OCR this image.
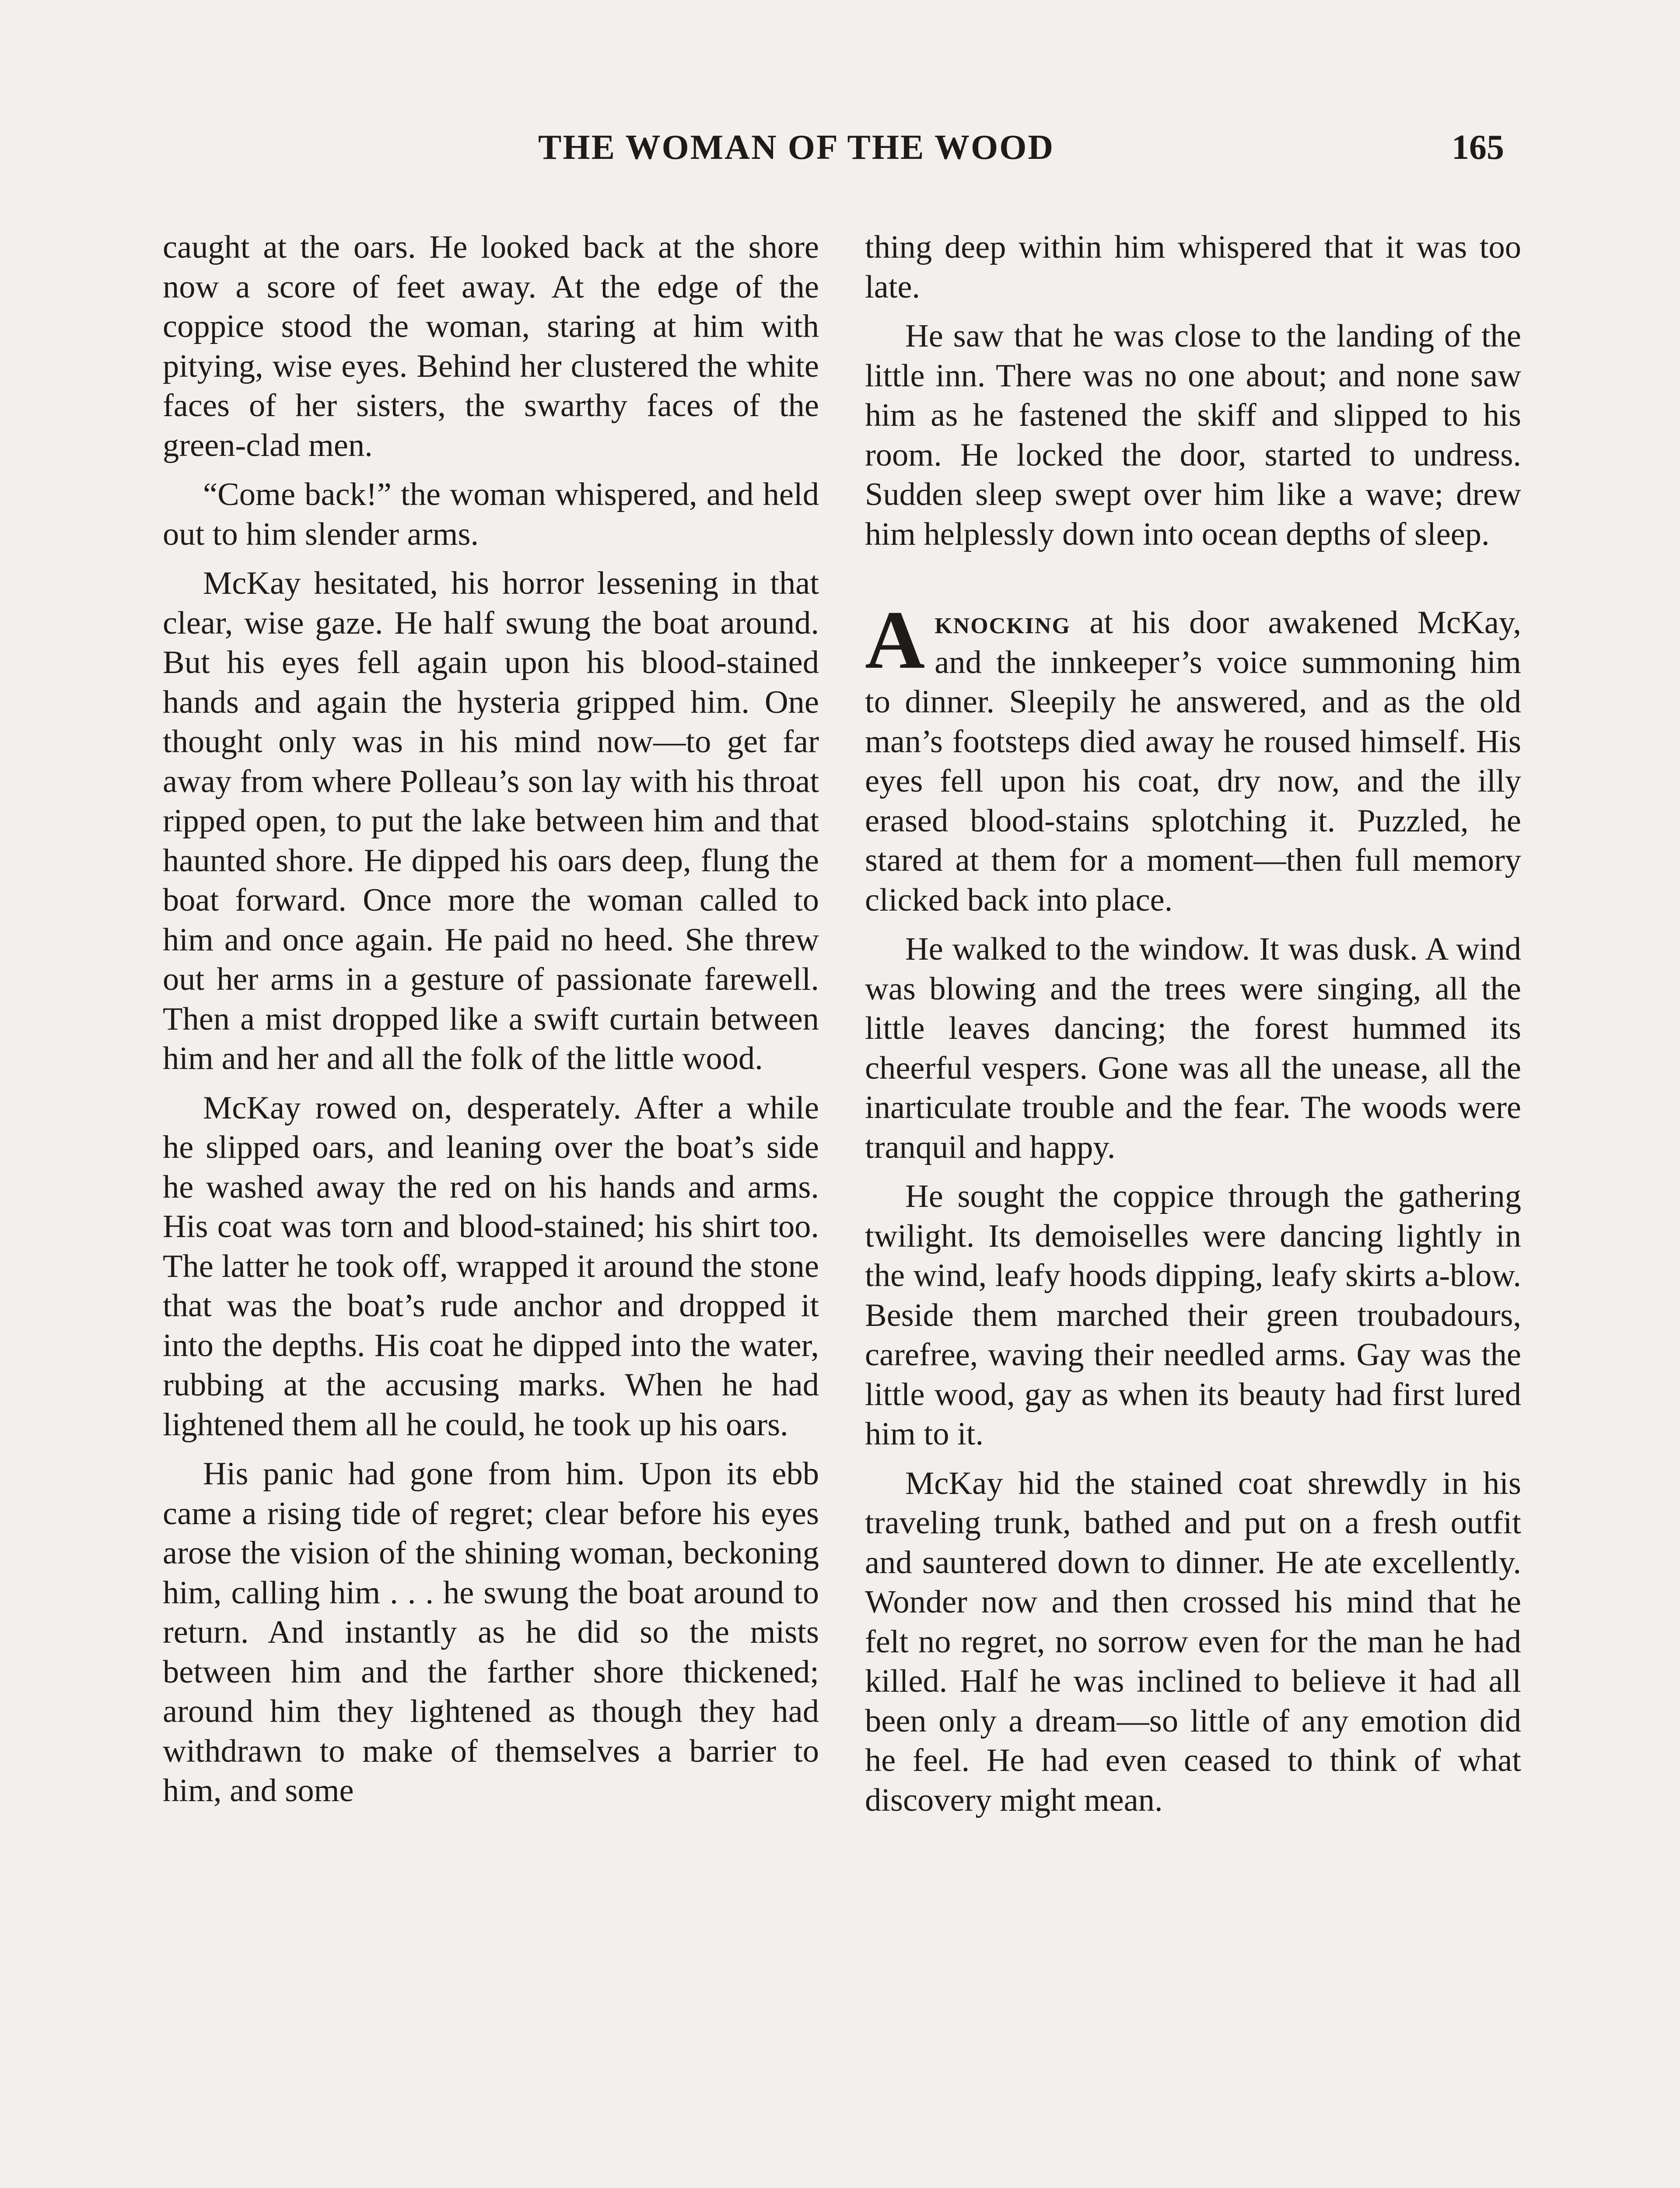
THE WOMAN OF THE WOOD	165

caught at the oars. He looked back at the shore now a score of feet away. At the edge of the coppice stood the woman, staring at him with pitying, wise eyes. Behind her clustered the white faces of her sisters, the swarthy faces of the green-clad men.

“Come back!” the woman whispered, and held out to him slender arms.

McKay hesitated, his horror lessening in that clear, wise gaze. He half swung the boat around. But his eyes fell again upon his blood-stained hands and again the hysteria gripped him. One thought only was in his mind now—to get far away from where Polleau’s son lay with his throat ripped open, to put the lake between him and that haunted shore. He dipped his oars deep, flung the boat forward. Once more the woman called to him and once again. He paid no heed. She threw out her arms in a gesture of passionate farewell. Then a mist dropped like a swift curtain between him and her and all the folk of the little wood.

McKay rowed on, desperately. After a while he slipped oars, and leaning over the boat’s side he washed away the red on his hands and arms. His coat was torn and blood-stained; his shirt too. The latter he took off, wrapped it around the stone that was the boat’s rude anchor and dropped it into the depths. His coat he dipped into the water, rubbing at the accusing marks. When he had lightened them all he could, he took up his oars.

His panic had gone from him. Upon its ebb came a rising tide of regret; clear before his eyes arose the vision of the shining woman, beckoning him, calling him . . . he swung the boat around to return. And instantly as he did so the mists between him and the farther shore thickened; around him they lightened as though they had withdrawn to make of themselves a barrier to him, and some

thing deep within him whispered that it was too late.

He saw that he was close to the landing of the little inn. There was no one about; and none saw him as he fastened the skiff and slipped to his room. He locked the door, started to undress. Sudden sleep swept over him like a wave; drew him helplessly down into ocean depths of sleep.

Aknocking at his door awakened McKay, and the innkeeper’s voice summoning him to dinner. Sleepily he answered, and as the old man’s footsteps died away he roused himself. His eyes fell upon his coat, dry now, and the illy erased blood-stains splotching it. Puzzled, he stared at them for a moment—then full memory clicked back into place.

He walked to the window. It was dusk. A wind was blowing and the trees were singing, all the little leaves dancing; the forest hummed its cheerful vespers. Gone was all the unease, all the inarticulate trouble and the fear. The woods were tranquil and happy.

He sought the coppice through the gathering twilight. Its demoiselles were dancing lightly in the wind, leafy hoods dipping, leafy skirts a-blow. Beside them marched their green troubadours, carefree, waving their needled arms. Gay was the little wood, gay as when its beauty had first lured him to it.

McKay hid the stained coat shrewdly in his traveling trunk, bathed and put on a fresh outfit and sauntered down to dinner. He ate excellently. Wonder now and then crossed his mind that he felt no regret, no sorrow even for the man he had killed. Half he was inclined to believe it had all been only a dream—so little of any emotion did he feel. He had even ceased to think of what discovery might mean.
